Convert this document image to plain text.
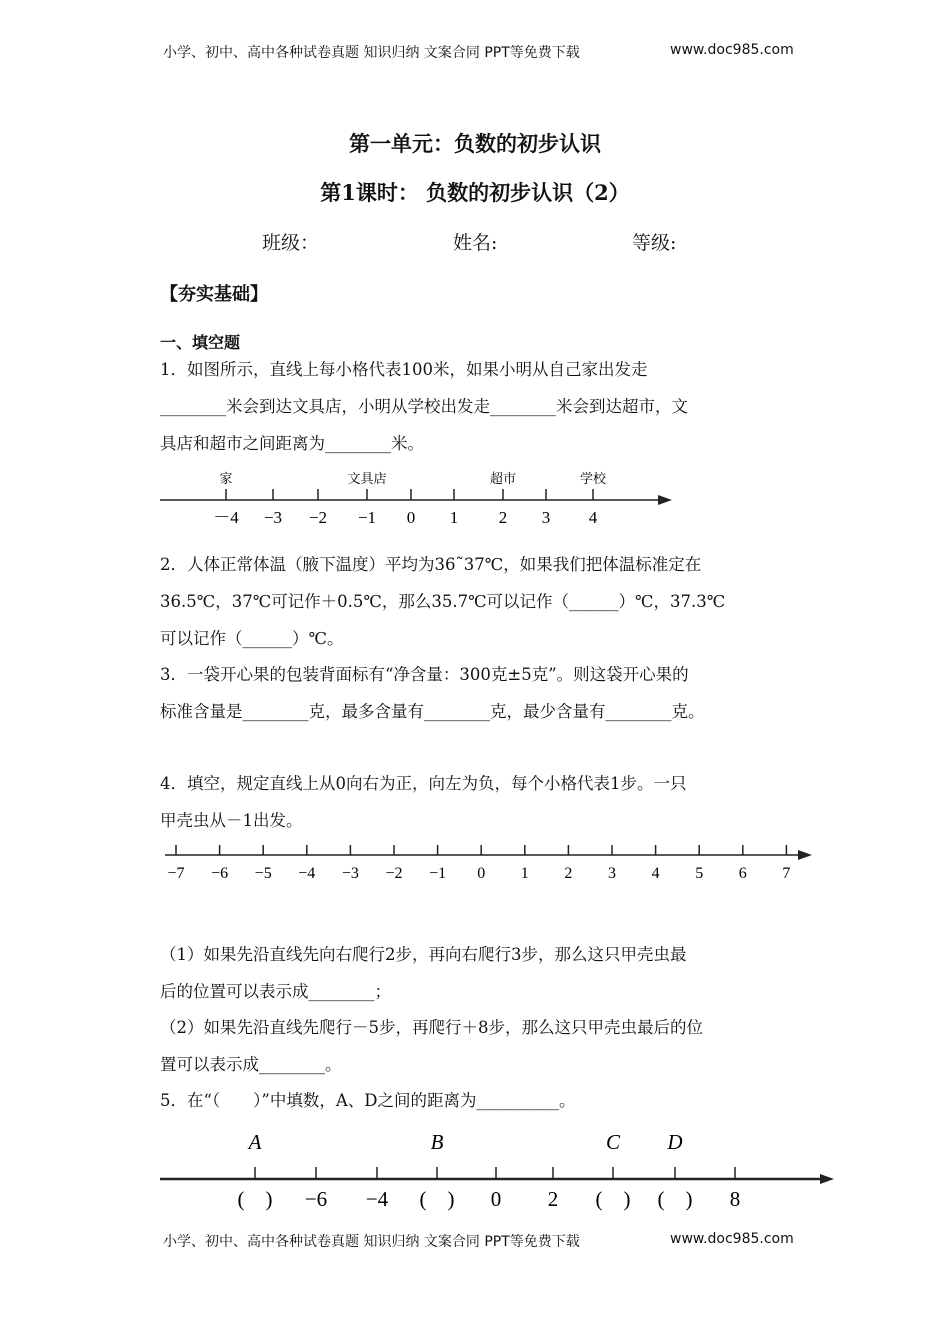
小学、初中、高中各种试卷真题 知识归纳 文案合同 PPT等免费下载	www.doc985.com
第一单元：负数的初步认识
第1课时： 负数的初步认识（2）
班级：	姓名:	等级:
【夯实基础】
一、填空题
1．如图所示，直线上每小格代表100米，如果小明从自己家出发走
________米会到达文具店，小明从学校出发走________米会到达超市，文
具店和超市之间距离为________米。
－4
家
−3 −2 −1
文具店
0 1 2
超市
3 4
学校
−7 −6 −5 −4 −3 −2 −1 0 1 2 3 4 5 6 7
(　)
A
−6 −4 (　)
B
0 2 (　)
C
(　)
D
8
2．人体正常体温（腋下温度）平均为36˜37℃，如果我们把体温标准定在
36.5℃，37℃可记作＋0.5℃，那么35.7℃可以记作（______）℃，37.3℃
可以记作（______）℃。
3．一袋开心果的包装背面标有“净含量：300克±5克”。则这袋开心果的
标准含量是________克，最多含量有________克，最少含量有________克。
4．填空，规定直线上从0向右为正，向左为负，每个小格代表1步。一只
甲壳虫从－1出发。
（1）如果先沿直线先向右爬行2步，再向右爬行3步，那么这只甲壳虫最
后的位置可以表示成________；
（2）如果先沿直线先爬行－5步，再爬行＋8步，那么这只甲壳虫最后的位
置可以表示成________。
5．在“（　　）”中填数，A、D之间的距离为__________。
小学、初中、高中各种试卷真题 知识归纳 文案合同 PPT等免费下载	www.doc985.com
